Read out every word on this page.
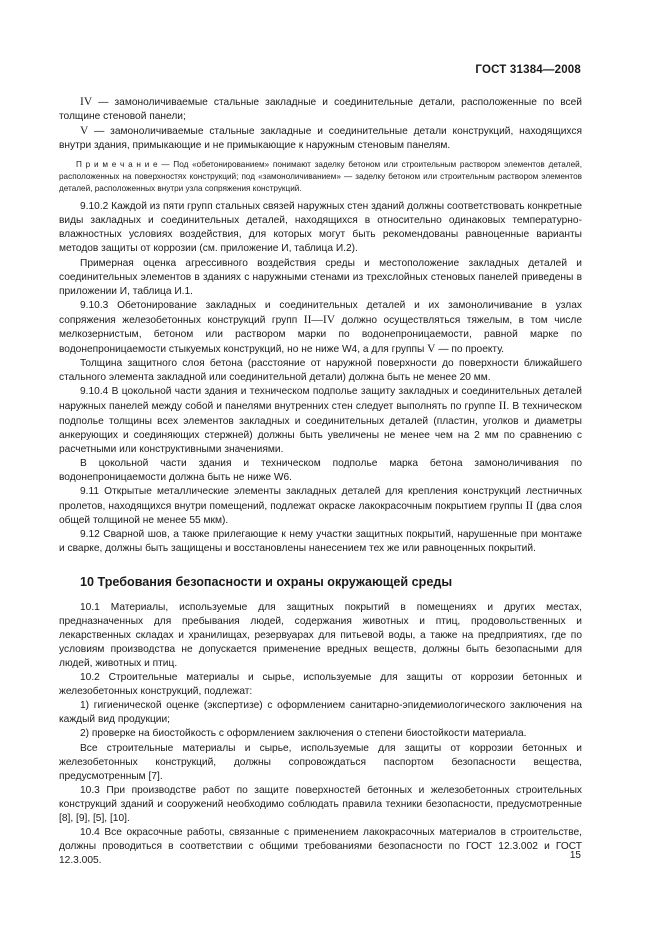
ГОСТ 31384—2008

IV — замоноличиваемые стальные закладные и соединительные детали, расположенные по всей толщине стеновой панели;

V — замоноличиваемые стальные закладные и соединительные детали конструкций, находящихся внутри здания, примыкающие и не примыкающие к наружным стеновым панелям.

П р и м е ч а н и е — Под «обетонированием» понимают заделку бетоном или строительным раствором элементов деталей, расположенных на поверхностях конструкций; под «замоноличиванием» — заделку бетоном или строительным раствором элементов деталей, расположенных внутри узла сопряжения конструкций.

9.10.2 Каждой из пяти групп стальных связей наружных стен зданий должны соответствовать конкретные виды закладных и соединительных деталей, находящихся в относительно одинаковых температурно-влажностных условиях воздействия, для которых могут быть рекомендованы равноценные варианты методов защиты от коррозии (см. приложение И, таблица И.2).

Примерная оценка агрессивного воздействия среды и местоположение закладных деталей и соединительных элементов в зданиях с наружными стенами из трехслойных стеновых панелей приведены в приложении И, таблица И.1.

9.10.3 Обетонирование закладных и соединительных деталей и их замоноличивание в узлах сопряжения железобетонных конструкций групп II—IV должно осуществляться тяжелым, в том числе мелкозернистым, бетоном или раствором марки по водонепроницаемости, равной марке по водонепроницаемости стыкуемых конструкций, но не ниже W4, а для группы V — по проекту.

Толщина защитного слоя бетона (расстояние от наружной поверхности до поверхности ближайшего стального элемента закладной или соединительной детали) должна быть не менее 20 мм.

9.10.4 В цокольной части здания и техническом подполье защиту закладных и соединительных деталей наружных панелей между собой и панелями внутренних стен следует выполнять по группе II. В техническом подполье толщины всех элементов закладных и соединительных деталей (пластин, уголков и диаметры анкерующих и соединяющих стержней) должны быть увеличены не менее чем на 2 мм по сравнению с расчетными или конструктивными значениями.

В цокольной части здания и техническом подполье марка бетона замоноличивания по водонепроницаемости должна быть не ниже W6.

9.11 Открытые металлические элементы закладных деталей для крепления конструкций лестничных пролетов, находящихся внутри помещений, подлежат окраске лакокрасочным покрытием группы II (два слоя общей толщиной не менее 55 мкм).

9.12 Сварной шов, а также прилегающие к нему участки защитных покрытий, нарушенные при монтаже и сварке, должны быть защищены и восстановлены нанесением тех же или равноценных покрытий.

10 Требования безопасности и охраны окружающей среды

10.1 Материалы, используемые для защитных покрытий в помещениях и других местах, предназначенных для пребывания людей, содержания животных и птиц, продовольственных и лекарственных складах и хранилищах, резервуарах для питьевой воды, а также на предприятиях, где по условиям производства не допускается применение вредных веществ, должны быть безопасными для людей, животных и птиц.

10.2 Строительные материалы и сырье, используемые для защиты от коррозии бетонных и железобетонных конструкций, подлежат:

1) гигиенической оценке (экспертизе) с оформлением санитарно-эпидемиологического заключения на каждый вид продукции;

2) проверке на биостойкость с оформлением заключения о степени биостойкости материала.

Все строительные материалы и сырье, используемые для защиты от коррозии бетонных и железобетонных конструкций, должны сопровождаться паспортом безопасности вещества, предусмотренным [7].

10.3 При производстве работ по защите поверхностей бетонных и железобетонных строительных конструкций зданий и сооружений необходимо соблюдать правила техники безопасности, предусмотренные [8], [9], [5], [10].

10.4 Все окрасочные работы, связанные с применением лакокрасочных материалов в строительстве, должны проводиться в соответствии с общими требованиями безопасности по ГОСТ 12.3.002 и ГОСТ 12.3.005.	15
